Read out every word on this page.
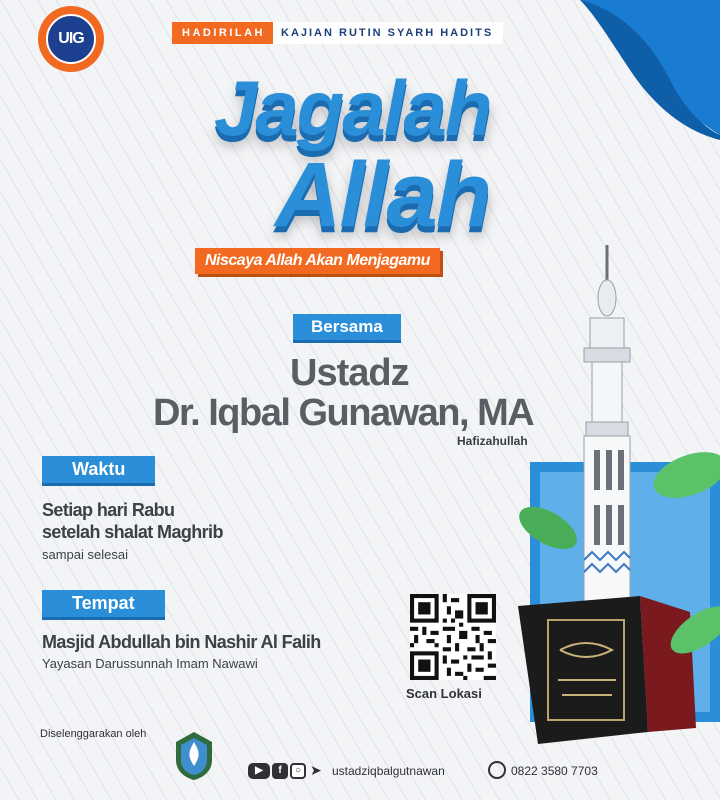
UIG	HADIRILAH	KAJIAN RUTIN SYARH HADITS
Jagalah
Allah
Niscaya Allah Akan Menjagamu
Bersama
Ustadz
Dr. Iqbal Gunawan, MA
Hafizahullah
Waktu
Setiap hari Rabu
setelah shalat Maghrib
sampai selesai
Tempat
Masjid Abdullah bin Nashir Al Falih
Yayasan Darussunnah Imam Nawawi
Scan Lokasi
Diselenggarakan oleh
▶	f	○ ➤ ustadziqbalgutnawan	0822 3580 7703
